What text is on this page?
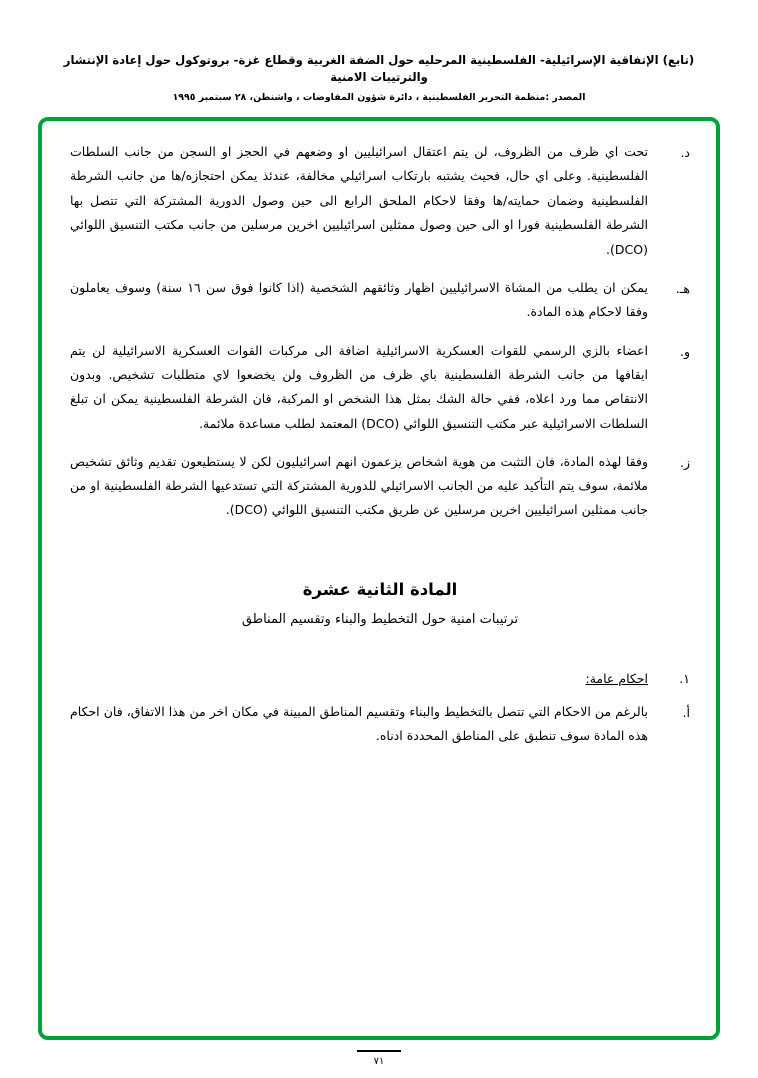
(تابع) الإتفاقية الإسرائيلية- الفلسطينية المرحليه حول الضفة الغربية وقطاع غزة- بروتوكول حول إعادة الإنتشار والترتيبات الامنية
المصدر :منظمة التحرير الفلسطينية ، دائرة شؤون المفاوضات ، واشنطن، ٢٨ سبتمبر ١٩٩٥
د.
تحت اي ظرف من الظروف، لن يتم اعتقال اسرائيليين او وضعهم في الحجز او السجن من جانب السلطات الفلسطينية. وعلى اي حال، فحيث يشتبه بارتكاب اسرائيلي مخالفة، عندئذ يمكن احتجازه/ها من جانب الشرطة الفلسطينية وضمان حمايته/ها وفقا لاحكام الملحق الرابع الى حين وصول الدورية المشتركة التي تتصل بها الشرطة الفلسطينية فورا او الى حين وصول ممثلين اسرائيليين اخرين مرسلين من جانب مكتب التنسيق اللوائي (DCO).
هـ.
يمكن ان يطلب من المشاة الاسرائيليين اظهار وثائقهم الشخصية (اذا كانوا فوق سن ١٦ سنة) وسوف يعاملون وفقا لاحكام هذه المادة.
و.
اعضاء بالزي الرسمي للقوات العسكرية الاسرائيلية اضافة الى مركبات القوات العسكرية الاسرائيلية لن يتم ايقافها من جانب الشرطة الفلسطينية باي ظرف من الظروف ولن يخضعوا لاي متطلبات تشخيص. وبدون الانتقاص مما ورد اعلاه، ففي حالة الشك بمثل هذا الشخص او المركبة، فان الشرطة الفلسطينية يمكن ان تبلغ السلطات الاسرائيلية عبر مكتب التنسيق اللوائي (DCO) المعتمد لطلب مساعدة ملائمة.
ز.
وفقا لهذه المادة، فان التثبت من هوية اشخاص يزعمون انهم اسرائيليون لكن لا يستطيعون تقديم وثائق تشخيص ملائمة، سوف يتم التأكيد عليه من الجانب الاسرائيلي للدورية المشتركة التي تستدعيها الشرطة الفلسطينية او من جانب ممثلين اسرائيليين اخرين مرسلين عن طريق مكتب التنسيق اللوائي (DCO).
المادة الثانية عشرة
ترتيبات امنية حول التخطيط والبناء وتقسيم المناطق
١.
احكام عامة:
أ.
بالرغم من الاحكام التي تتصل بالتخطيط والبناء وتقسيم المناطق المبينة في مكان اخر من هذا الاتفاق، فان احكام هذه المادة سوف تنطبق على المناطق المحددة ادناه.
٧١
